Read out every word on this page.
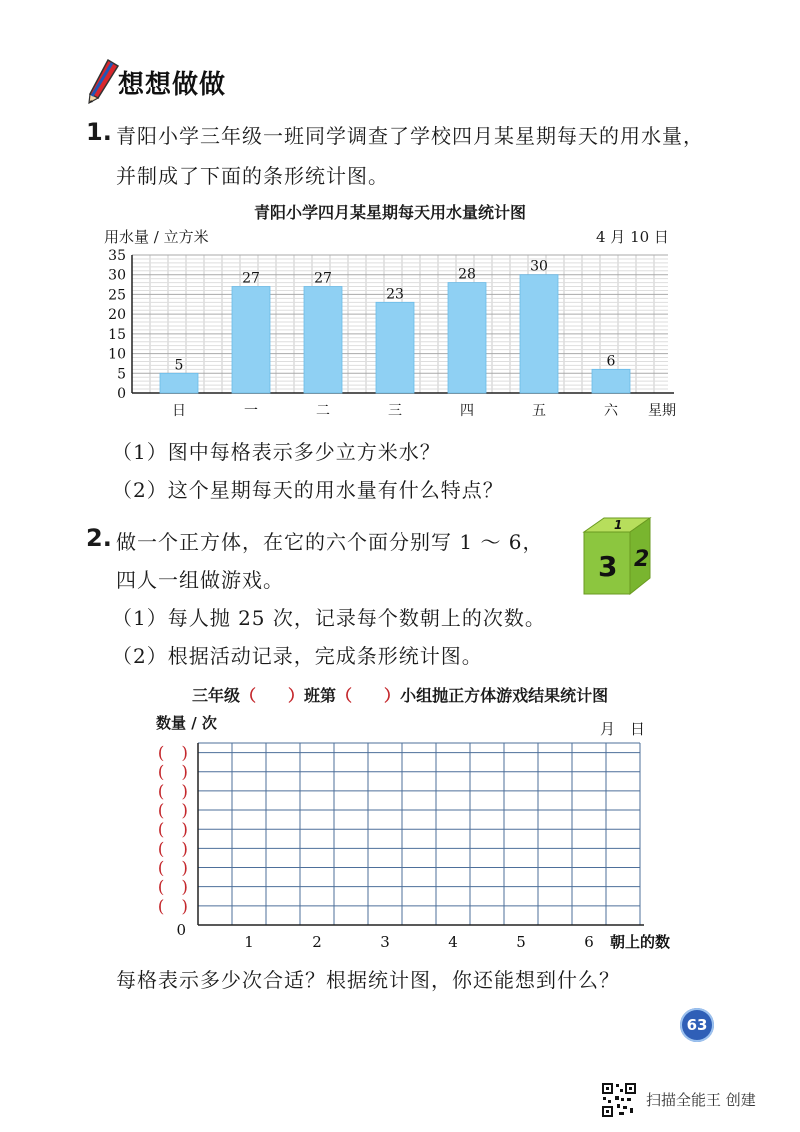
想想做做
1. 青阳小学三年级一班同学调查了学校四月某星期每天的用水量，
并制成了下面的条形统计图。
青阳小学四月某星期每天用水量统计图
用水量 / 立方米	4 月 10 日
0
5
10
15
20
25
30
35
5
日
27
一
27
二
23
三
28
四
30
五
6
六 星期
（1）图中每格表示多少立方米水？
（2）这个星期每天的用水量有什么特点？
2. 做一个正方体，在它的六个面分别写 1 ～ 6，
四人一组做游戏。
（1）每人抛 25 次，记录每个数朝上的次数。
（2）根据活动记录，完成条形统计图。
1
3 2
三年级（　　）班第（　　）小组抛正方体游戏结果统计图
数量 / 次	月　日
(　)
(　)
(　)
(　)
(　)
(　)
(　)
(　)
(　)
0
1	2	3	4	5	6 朝上的数
每格表示多少次合适？根据统计图，你还能想到什么？
63
扫描全能王 创建
